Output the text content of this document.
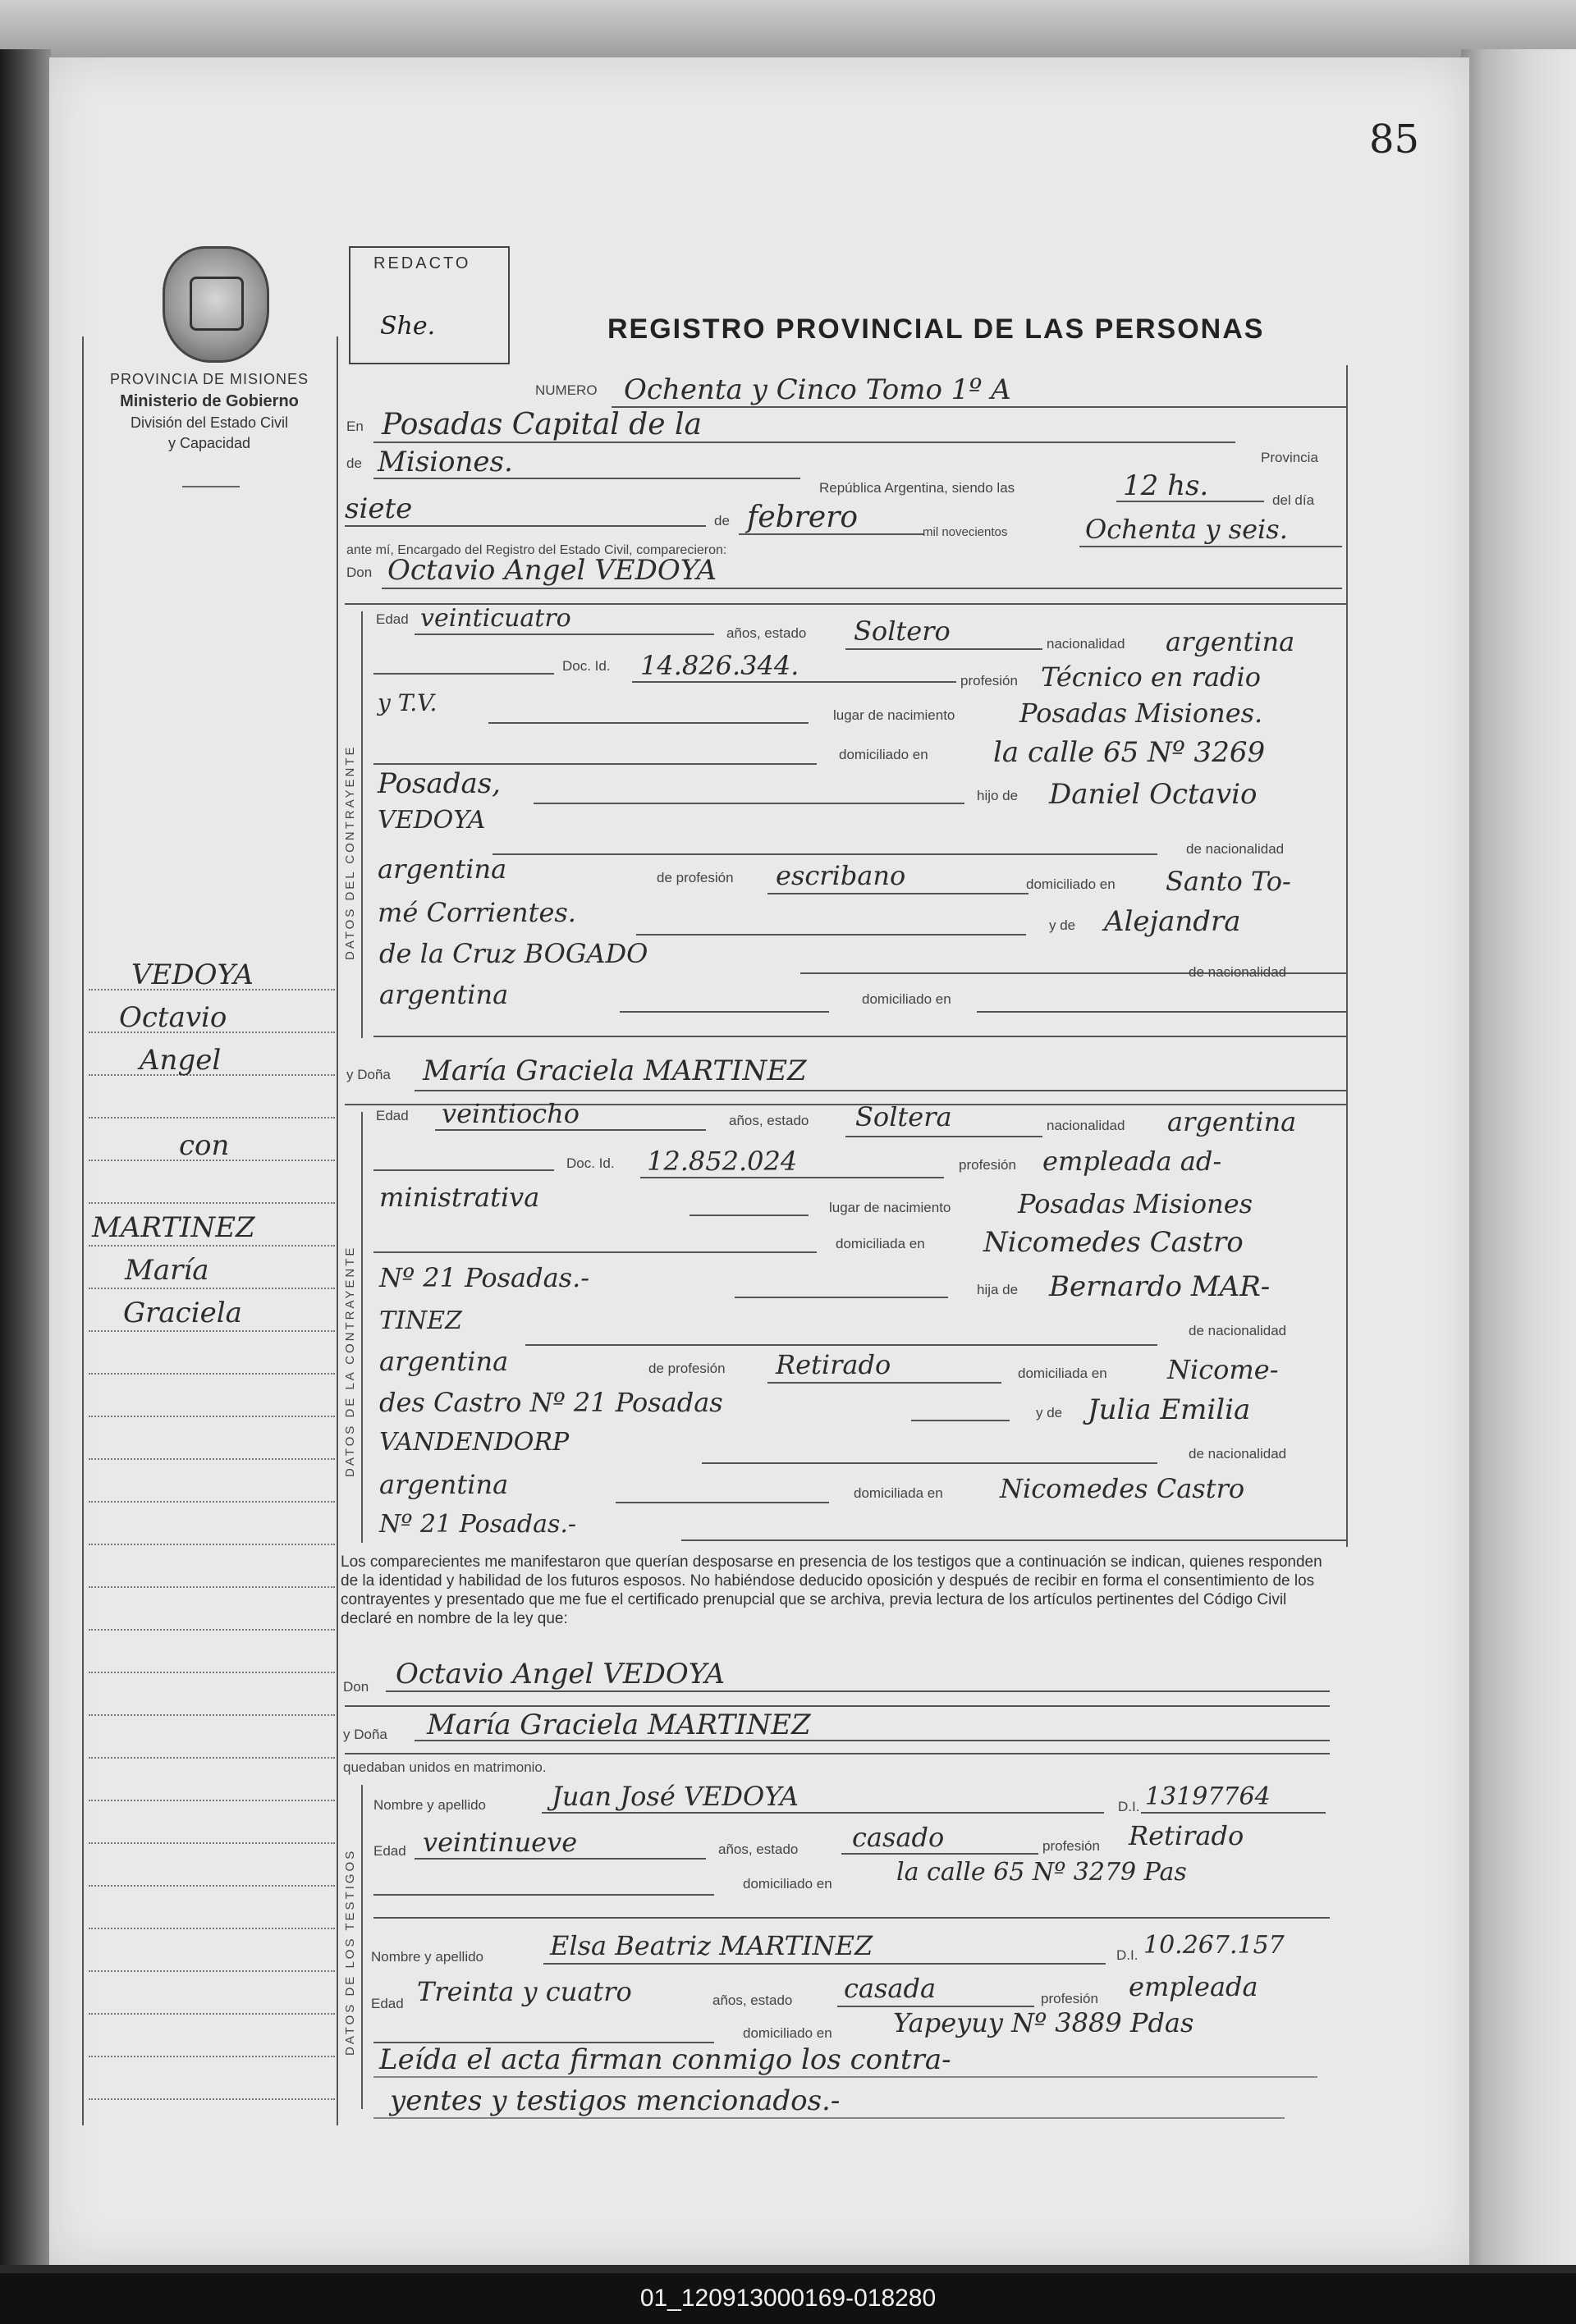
85
PROVINCIA DE MISIONES
Ministerio de Gobierno
División del Estado Civil
y Capacidad
REDACTO
She.	REGISTRO PROVINCIAL DE LAS PERSONAS
NUMERO Ochenta y Cinco Tomo 1º A
En Posadas Capital de la
Provincia
de Misiones.
República Argentina, siendo las	12 hs.	del día
siete	de febrero	mil novecientos	Ochenta y seis.
ante mí, Encargado del Registro del Estado Civil, comparecieron:
Don Octavio Angel VEDOYA
DATOS DEL CONTRAYENTE
Edad veinticuatro
años, estado Soltero	nacionalidad argentina
Doc. Id. 14.826.344.	profesión Técnico en radio
y T.V.	lugar de nacimiento Posadas Misiones.
domiciliado en la calle 65 Nº 3269
Posadas,	hijo de Daniel Octavio
VEDOYA
de nacionalidad
argentina	de profesión escribano	domiciliado en Santo To-
mé Corrientes.	y de Alejandra
de la Cruz BOGADO
de nacionalidad
argentina	domiciliado en
y Doña María Graciela MARTINEZ
DATOS DE LA CONTRAYENTE
Edad veintiocho	años, estado Soltera	nacionalidad argentina
Doc. Id. 12.852.024	profesión empleada ad-
ministrativa	lugar de nacimiento	Posadas Misiones
domiciliada en Nicomedes Castro
Nº 21 Posadas.-	hija de Bernardo MAR-
TINEZ	de nacionalidad
argentina	de profesión Retirado	domiciliada en Nicome-
des Castro Nº 21 Posadas	y de Julia Emilia
VANDENDORP	de nacionalidad
argentina	domiciliada en Nicomedes Castro
Nº 21 Posadas.-
Los comparecientes me manifestaron que querían desposarse en presencia de los testigos que a continuación se indican, quienes responden de la identidad y habilidad de los futuros esposos. No habiéndose deducido oposición y después de recibir en forma el consentimiento de los contrayentes y presentado que me fue el certificado prenupcial que se archiva, previa lectura de los artículos pertinentes del Código Civil declaré en nombre de la ley que:
Don Octavio Angel VEDOYA
y Doña María Graciela MARTINEZ
quedaban unidos en matrimonio.
DATOS DE LOS TESTIGOS
Nombre y apellido Juan José VEDOYA	D.I. 13197764
Edad veintinueve	años, estado casado	profesión Retirado
domiciliado en	la calle 65 Nº 3279 Pas
Nombre y apellido	Elsa Beatriz MARTINEZ	D.I. 10.267.157
Edad Treinta y cuatro	años, estado casada	profesión empleada
domiciliado en Yapeyuy Nº 3889 Pdas
Leída el acta firman conmigo los contra-
yentes y testigos mencionados.-
VEDOYA
Octavio
Angel
con
MARTINEZ
María
Graciela
01_120913000169-018280
